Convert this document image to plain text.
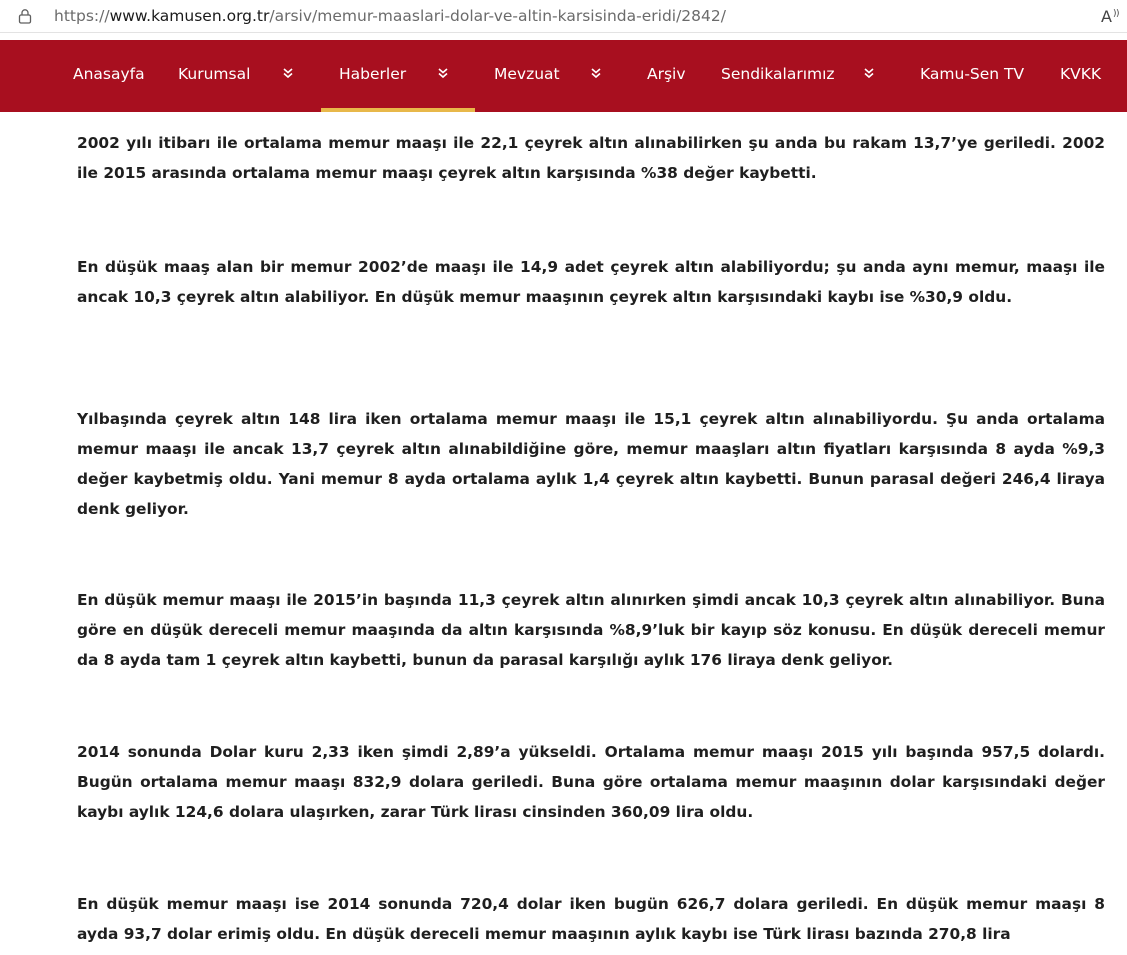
https://www.kamusen.org.tr/arsiv/memur-maaslari-dolar-ve-altin-karsisinda-eridi/2842/	A ) )
Anasayfa Kurumsal	Haberler	Mevzuat	Arşiv Sendikalarımız	Kamu-Sen TV KVKK
2002 yılı itibarı ile ortalama memur maaşı ile 22,1 çeyrek altın alınabilirken şu anda bu rakam 13,7’ye geriledi. 2002 ile 2015 arasında ortalama memur maaşı çeyrek altın karşısında %38 değer kaybetti.
En düşük maaş alan bir memur 2002’de maaşı ile 14,9 adet çeyrek altın alabiliyordu; şu anda aynı memur, maaşı ile ancak 10,3 çeyrek altın alabiliyor. En düşük memur maaşının çeyrek altın karşısındaki kaybı ise %30,9 oldu.
Yılbaşında çeyrek altın 148 lira iken ortalama memur maaşı ile 15,1 çeyrek altın alınabiliyordu. Şu anda ortalama memur maaşı ile ancak 13,7 çeyrek altın alınabildiğine göre, memur maaşları altın fiyatları karşısında 8 ayda %9,3 değer kaybetmiş oldu. Yani memur 8 ayda ortalama aylık 1,4 çeyrek altın kaybetti. Bunun parasal değeri 246,4 liraya denk geliyor.
En düşük memur maaşı ile 2015’in başında 11,3 çeyrek altın alınırken şimdi ancak 10,3 çeyrek altın alınabiliyor. Buna göre en düşük dereceli memur maaşında da altın karşısında %8,9’luk bir kayıp söz konusu. En düşük dereceli memur da 8 ayda tam 1 çeyrek altın kaybetti, bunun da parasal karşılığı aylık 176 liraya denk geliyor.
2014 sonunda Dolar kuru 2,33 iken şimdi 2,89’a yükseldi. Ortalama memur maaşı 2015 yılı başında 957,5 dolardı. Bugün ortalama memur maaşı 832,9 dolara geriledi. Buna göre ortalama memur maaşının dolar karşısındaki değer kaybı aylık 124,6 dolara ulaşırken, zarar Türk lirası cinsinden 360,09 lira oldu.
En düşük memur maaşı ise 2014 sonunda 720,4 dolar iken bugün 626,7 dolara geriledi. En düşük memur maaşı 8 ayda 93,7 dolar erimiş oldu. En düşük dereceli memur maaşının aylık kaybı ise Türk lirası bazında 270,8 lira
